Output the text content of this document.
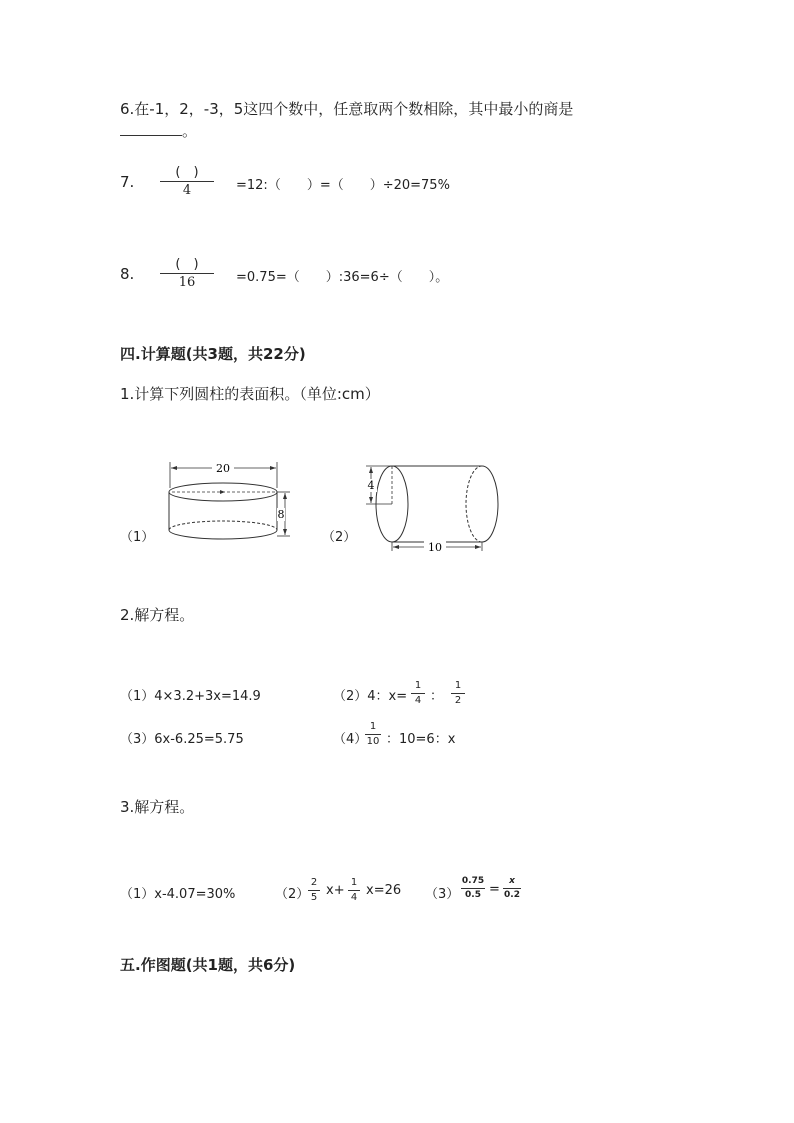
6.在-1，2，-3，5这四个数中，任意取两个数相除，其中最小的商是
。
7.
(　)
4	=12:（　　）=（　　）÷20=75%
8.
(　)
16	=0.75=（　　）:36=6÷（　　）。
四.计算题(共3题，共22分)
1.计算下列圆柱的表面积。（单位:cm）
（1）
20
8
（2）
4
10
2.解方程。
（1）4×3.2+3x=14.9	（2）4：x=
1
4 ：
1
2
（3）6x-6.25=5.75	（4）
1
10 ：10=6：x
3.解方程。
（1）x-4.07=30%	（2）
2
5 x+
1
4 x=26 （3）
0.75
0.5 =
x
0.2
五.作图题(共1题，共6分)
